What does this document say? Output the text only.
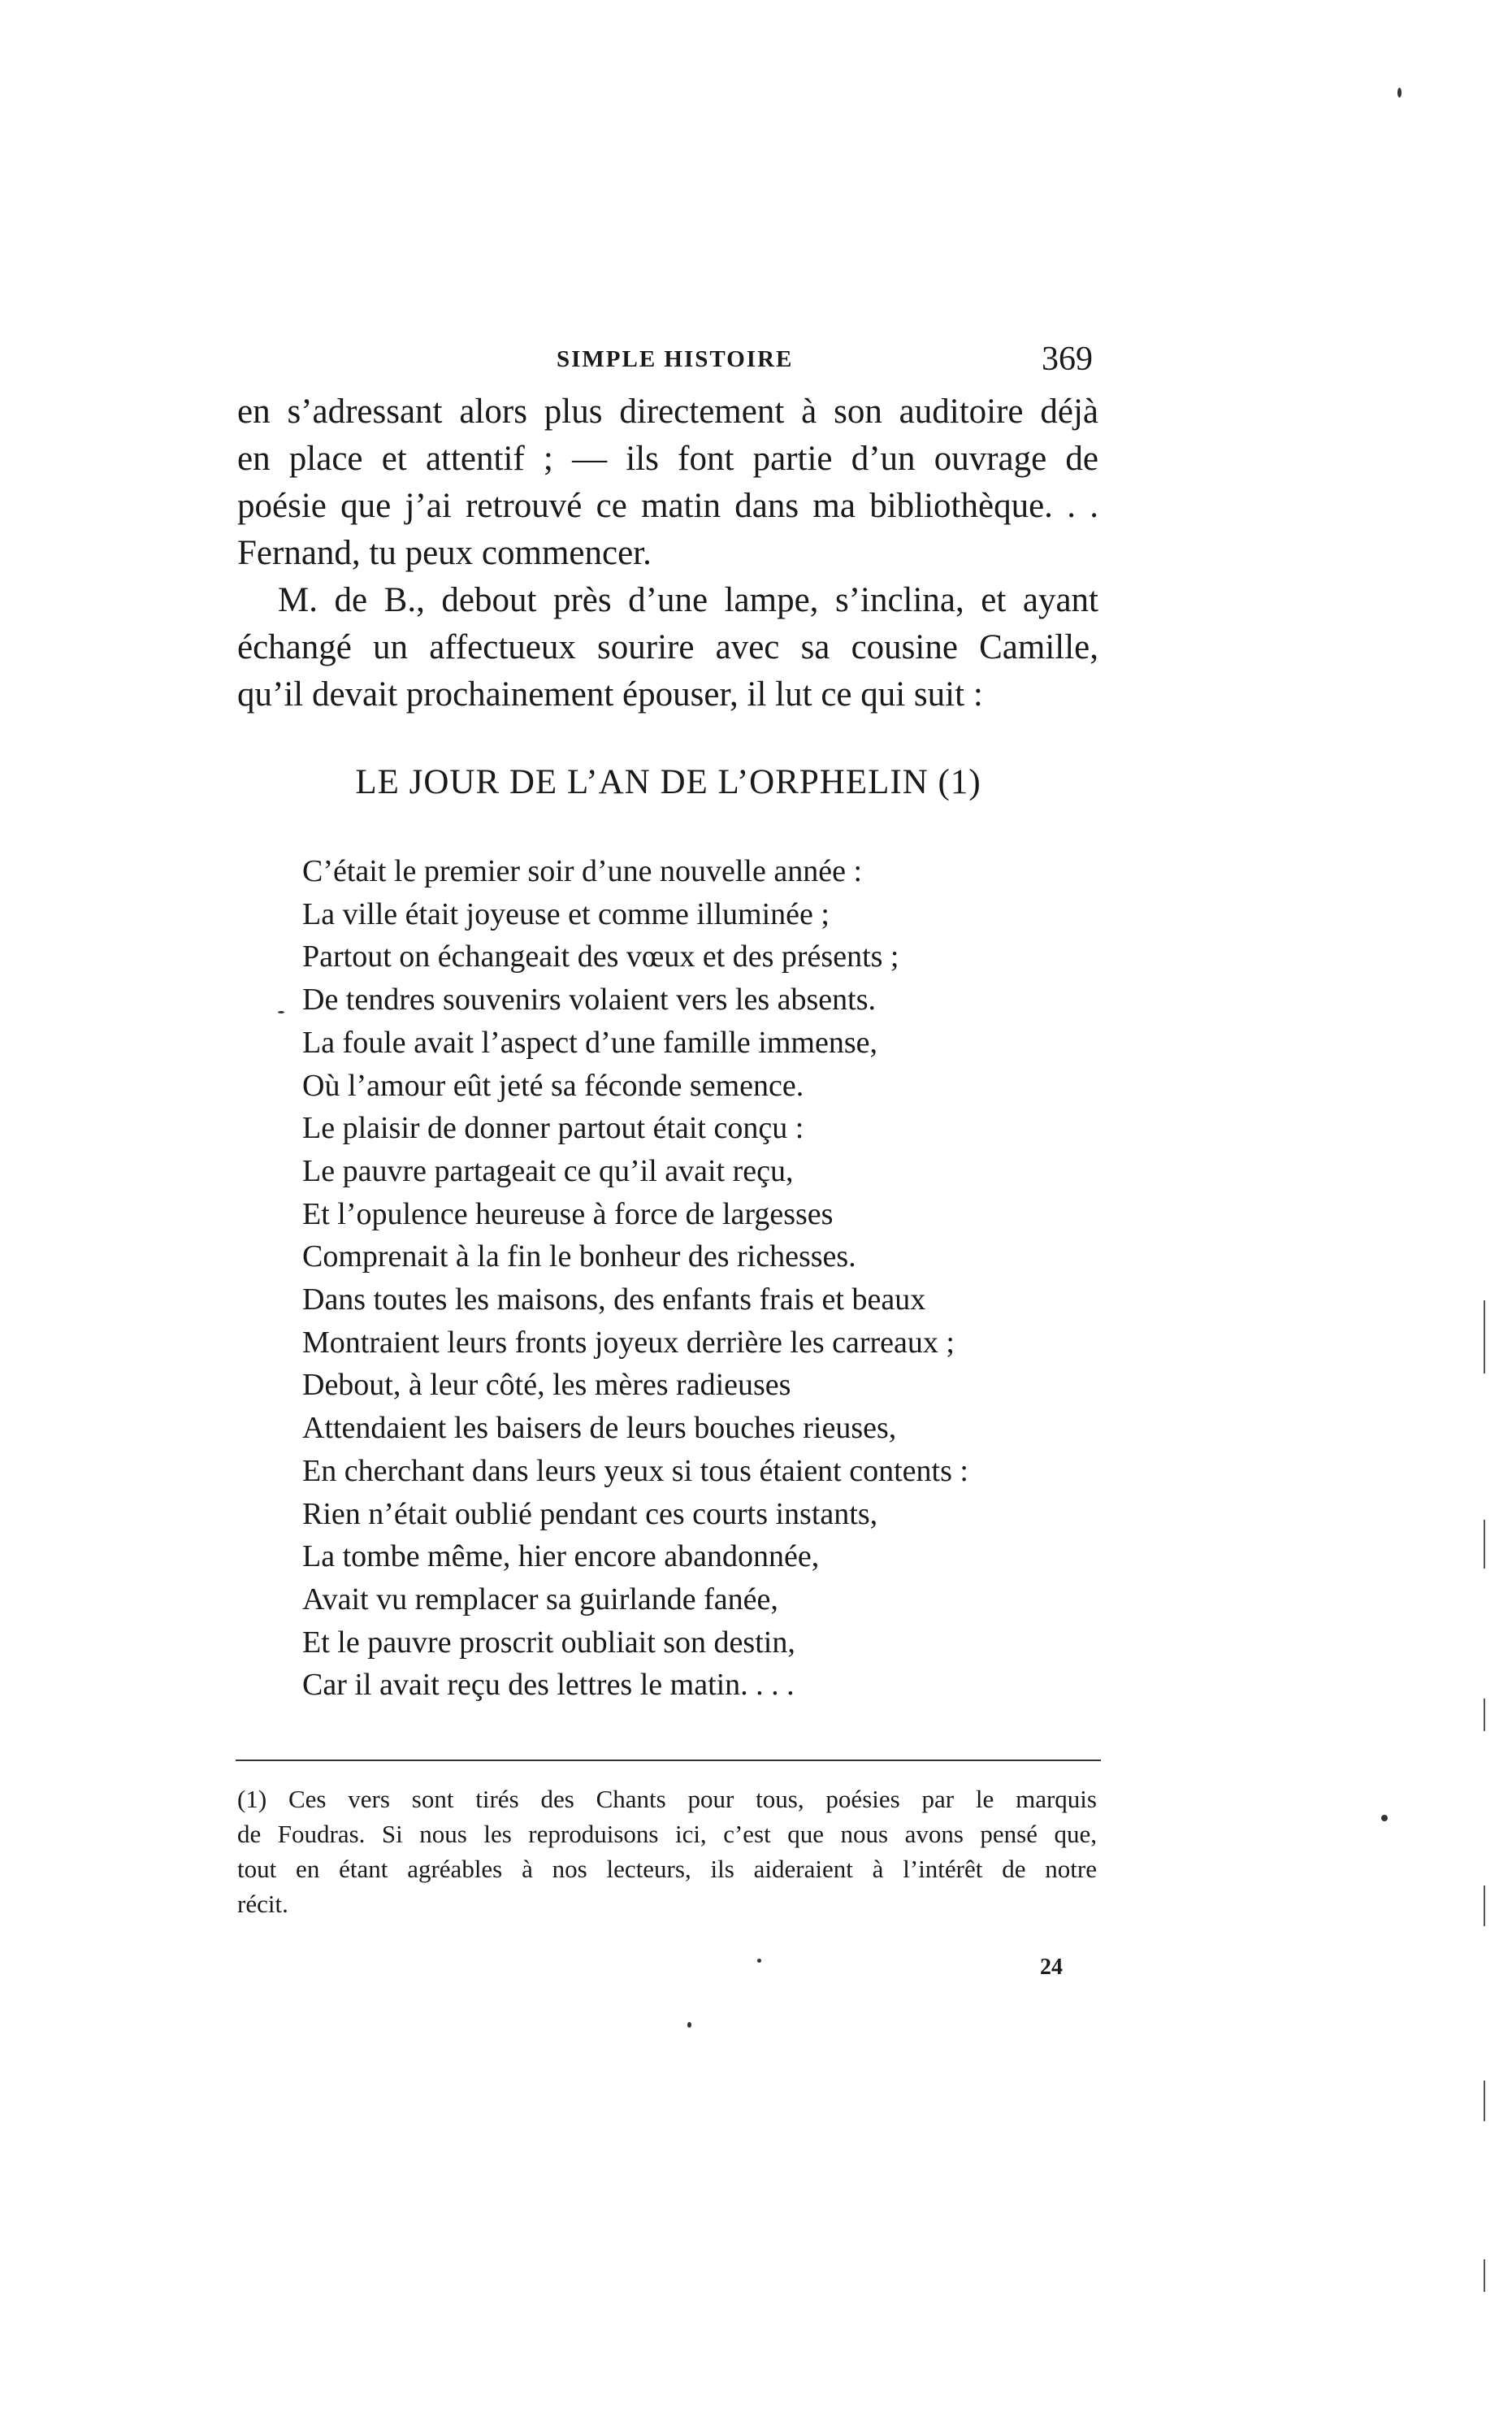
SIMPLE HISTOIRE	369

en s’adressant alors plus directement à son auditoire déjà
en place et attentif ; — ils font partie d’un ouvrage de
poésie que j’ai retrouvé ce matin dans ma bibliothèque. . .
Fernand, tu peux commencer.

M. de B., debout près d’une lampe, s’inclina, et ayant
échangé un affectueux sourire avec sa cousine Camille,
qu’il devait prochainement épouser, il lut ce qui suit :

LE JOUR DE L’AN DE L’ORPHELIN (1)
C’était le premier soir d’une nouvelle année :
La ville était joyeuse et comme illuminée ;
Partout on échangeait des vœux et des présents ;
De tendres souvenirs volaient vers les absents.
La foule avait l’aspect d’une famille immense,
Où l’amour eût jeté sa féconde semence.
Le plaisir de donner partout était conçu :
Le pauvre partageait ce qu’il avait reçu,
Et l’opulence heureuse à force de largesses
Comprenait à la fin le bonheur des richesses.
Dans toutes les maisons, des enfants frais et beaux
Montraient leurs fronts joyeux derrière les carreaux ;
Debout, à leur côté, les mères radieuses
Attendaient les baisers de leurs bouches rieuses,
En cherchant dans leurs yeux si tous étaient contents :
Rien n’était oublié pendant ces courts instants,
La tombe même, hier encore abandonnée,
Avait vu remplacer sa guirlande fanée,
Et le pauvre proscrit oubliait son destin,
Car il avait reçu des lettres le matin. . . .
(1) Ces vers sont tirés des Chants pour tous, poésies par le marquis
de Foudras. Si nous les reproduisons ici, c’est que nous avons pensé que,
tout en étant agréables à nos lecteurs, ils aideraient à l’intérêt de notre
récit.
24
